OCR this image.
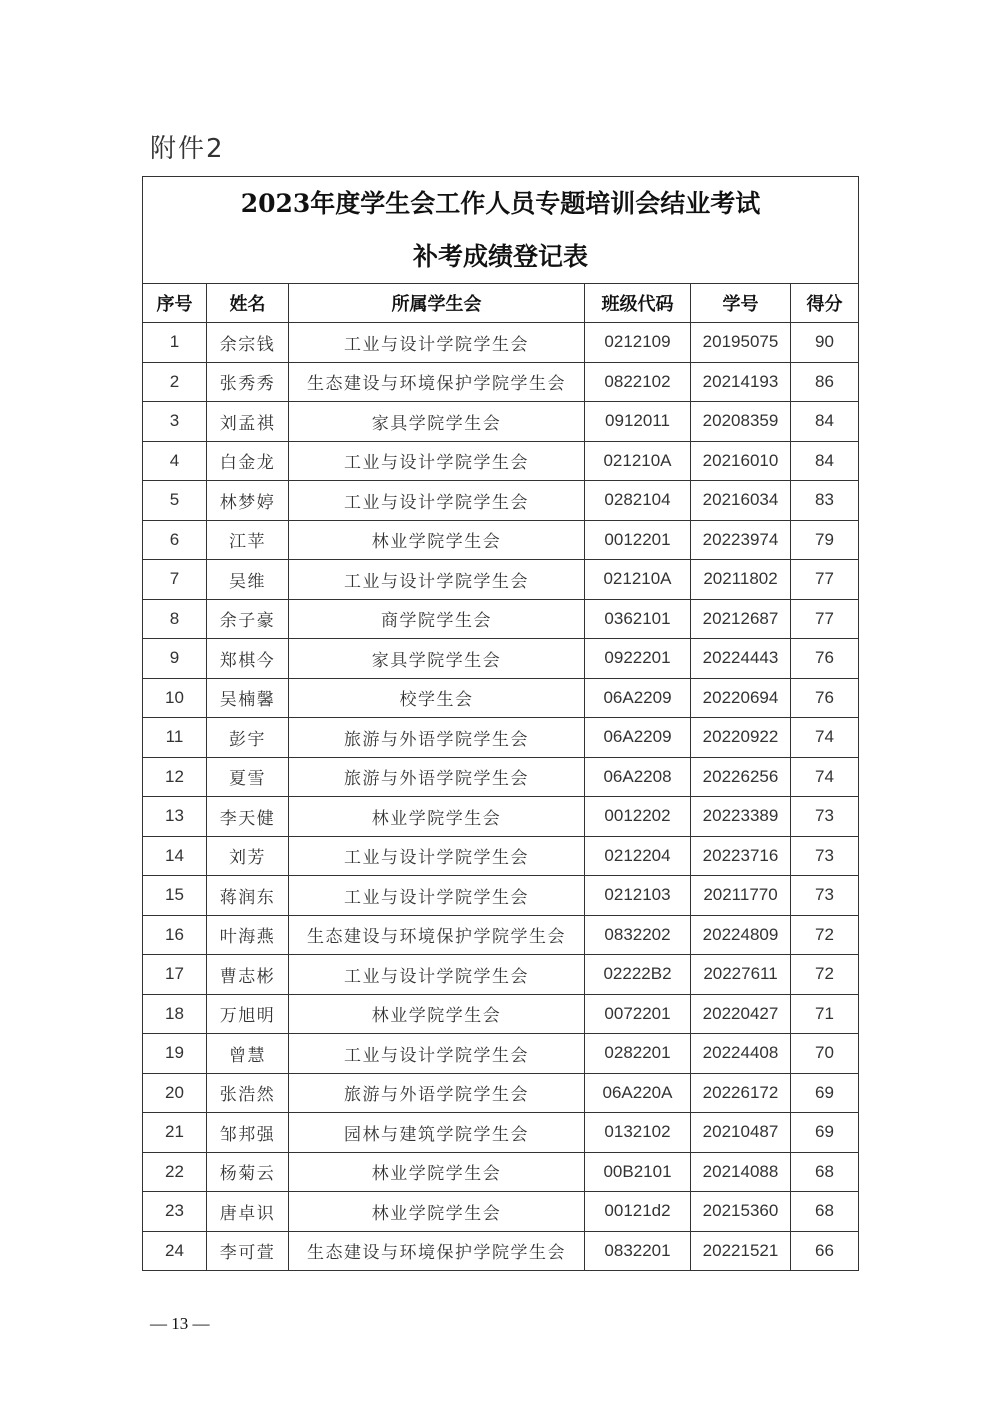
附件2
2023年度学生会工作人员专题培训会结业考试
补考成绩登记表					

序号	姓名	所属学生会	班级代码	学号	得分
1	余宗钱	工业与设计学院学生会	0212109	20195075	90
2	张秀秀	生态建设与环境保护学院学生会	0822102	20214193	86
3	刘孟祺	家具学院学生会	0912011	20208359	84
4	白金龙	工业与设计学院学生会	021210A	20216010	84
5	林梦婷	工业与设计学院学生会	0282104	20216034	83
6	江苹	林业学院学生会	0012201	20223974	79
7	吴维	工业与设计学院学生会	021210A	20211802	77
8	余子豪	商学院学生会	0362101	20212687	77
9	郑棋今	家具学院学生会	0922201	20224443	76
10	吴楠馨	校学生会	06A2209	20220694	76
11	彭宇	旅游与外语学院学生会	06A2209	20220922	74
12	夏雪	旅游与外语学院学生会	06A2208	20226256	74
13	李天健	林业学院学生会	0012202	20223389	73
14	刘芳	工业与设计学院学生会	0212204	20223716	73
15	蒋润东	工业与设计学院学生会	0212103	20211770	73
16	叶海燕	生态建设与环境保护学院学生会	0832202	20224809	72
17	曹志彬	工业与设计学院学生会	02222B2	20227611	72
18	万旭明	林业学院学生会	0072201	20220427	71
19	曾慧	工业与设计学院学生会	0282201	20224408	70
20	张浩然	旅游与外语学院学生会	06A220A	20226172	69
21	邹邦强	园林与建筑学院学生会	0132102	20210487	69
22	杨菊云	林业学院学生会	00B2101	20214088	68
23	唐卓识	林业学院学生会	00121d2	20215360	68
24	李可萱	生态建设与环境保护学院学生会	0832201	20221521	66
— 13 —
